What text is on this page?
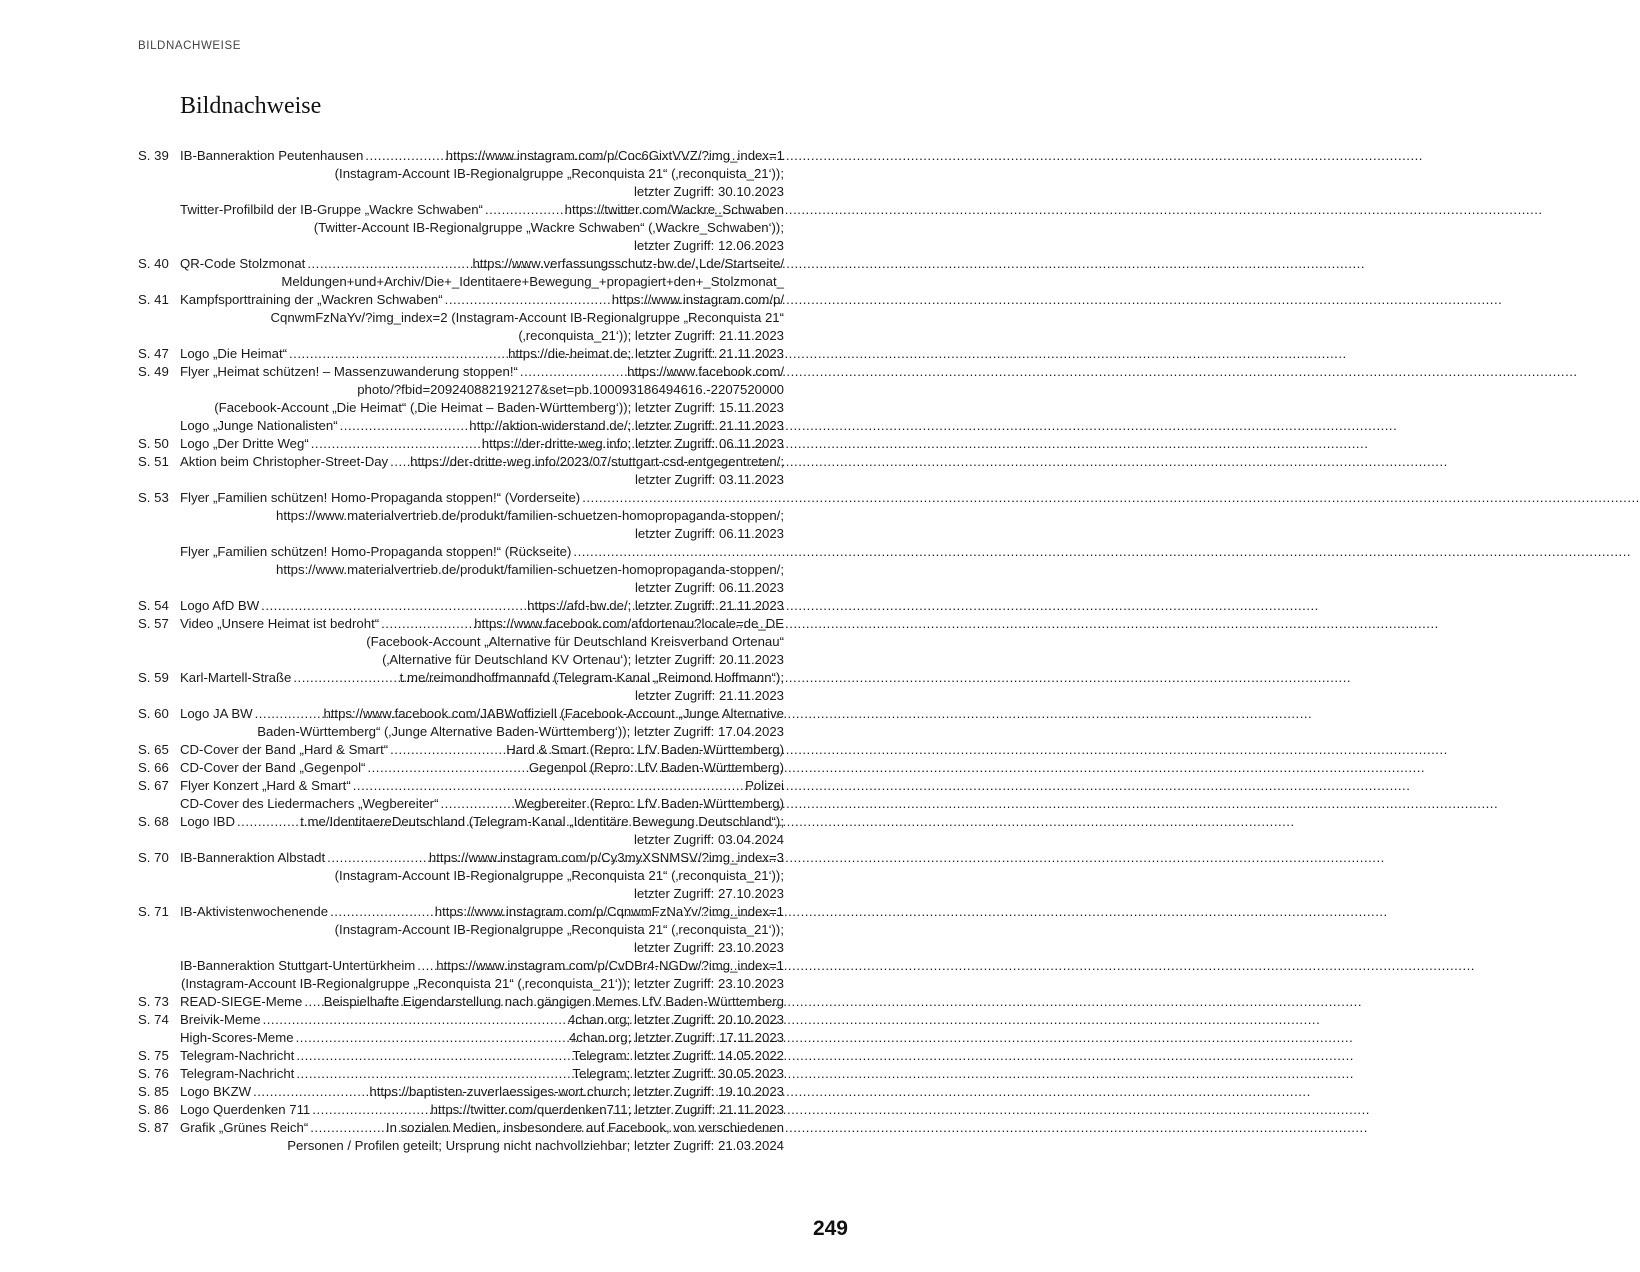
BILDNACHWEISE
Bildnachweise
S. 39 IB-Banneraktion Peutenhausen .....	https://www.instagram.com/p/Coc6GixtVVZ/?img_index=1
(Instagram-Account IB-Regionalgruppe „Reconquista 21“ (‚reconquista_21‘));
letzter Zugriff: 30.10.2023
Twitter-Profilbild der IB-Gruppe „Wackre Schwaben“ .....	https://twitter.com/Wackre_Schwaben
(Twitter-Account IB-Regionalgruppe „Wackre Schwaben“ (‚Wackre_Schwaben‘));
letzter Zugriff: 12.06.2023
S. 40 QR-Code Stolzmonat .....	https://www.verfassungsschutz-bw.de/,Lde/Startseite/
Meldungen+und+Archiv/Die+_Identitaere+Bewegung_+propagiert+den+_Stolzmonat_
S. 41 Kampfsporttraining der „Wackren Schwaben“ .....	https://www.instagram.com/p/
CqnwmFzNaYv/?img_index=2 (Instagram-Account IB-Regionalgruppe „Reconquista 21“
(‚reconquista_21‘)); letzter Zugriff: 21.11.2023
S. 47 Logo „Die Heimat“ .....	https://die-heimat.de; letzter Zugriff: 21.11.2023
S. 49 Flyer „Heimat schützen! – Massenzuwanderung stoppen!“ .....	https://www.facebook.com/
photo/?fbid=209240882192127&set=pb.100093186494616.-2207520000
(Facebook-Account „Die Heimat“ (‚Die Heimat – Baden-Württemberg‘)); letzter Zugriff: 15.11.2023
Logo „Junge Nationalisten“ .....	http://aktion-widerstand.de/; letzter Zugriff: 21.11.2023
S. 50 Logo „Der Dritte Weg“ .....	https://der-dritte-weg.info; letzter Zugriff: 06.11.2023
S. 51 Aktion beim Christopher-Street-Day ..... https://der-dritte-weg.info/2023/07/stuttgart-csd-entgegentreten/;
letzter Zugriff: 03.11.2023
S. 53 Flyer „Familien schützen! Homo-Propaganda stoppen!“ (Vorderseite)
.....
https://www.materialvertrieb.de/produkt/familien-schuetzen-homopropaganda-stoppen/;
letzter Zugriff: 06.11.2023
Flyer „Familien schützen! Homo-Propaganda stoppen!“ (Rückseite)
.....
https://www.materialvertrieb.de/produkt/familien-schuetzen-homopropaganda-stoppen/;
letzter Zugriff: 06.11.2023
S. 54 Logo AfD BW .....	https://afd-bw.de/; letzter Zugriff: 21.11.2023
S. 57 Video „Unsere Heimat ist bedroht“ .....	https://www.facebook.com/afdortenau?locale=de_DE
(Facebook-Account „Alternative für Deutschland Kreisverband Ortenau“
(‚Alternative für Deutschland KV Ortenau‘); letzter Zugriff: 20.11.2023
S. 59 Karl-Martell-Straße .....	t.me/reimondhoffmannafd (Telegram-Kanal „Reimond Hoffmann“);
letzter Zugriff: 21.11.2023
S. 60 Logo JA BW .....	https://www.facebook.com/JABWoffiziell (Facebook-Account „Junge Alternative
Baden-Württemberg“ (‚Junge Alternative Baden-Württemberg‘)); letzter Zugriff: 17.04.2023
S. 65 CD-Cover der Band „Hard & Smart“ .....	Hard & Smart (Repro: LfV Baden-Württemberg)
S. 66 CD-Cover der Band „Gegenpol“ .....	Gegenpol (Repro: LfV Baden-Württemberg)
S. 67 Flyer Konzert „Hard & Smart“ .....	Polizei
CD-Cover des Liedermachers „Wegbereiter“ .....	Wegbereiter (Repro: LfV Baden-Württemberg)
S. 68 Logo IBD .....	t.me/IdentitaereDeutschland (Telegram-Kanal „Identitäre Bewegung Deutschland“);
letzter Zugriff: 03.04.2024
S. 70 IB-Banneraktion Albstadt .....	https://www.instagram.com/p/Cy3myXSNMSV/?img_index=3
(Instagram-Account IB-Regionalgruppe „Reconquista 21“ (‚reconquista_21‘));
letzter Zugriff: 27.10.2023
S. 71 IB-Aktivistenwochenende .....	https://www.instagram.com/p/CqnwmFzNaYv/?img_index=1
(Instagram-Account IB-Regionalgruppe „Reconquista 21“ (‚reconquista_21‘));
letzter Zugriff: 23.10.2023
IB-Banneraktion Stuttgart-Untertürkheim ..... https://www.instagram.com/p/CvDBr4-NGDw/?img_index=1
(Instagram-Account IB-Regionalgruppe „Reconquista 21“ (‚reconquista_21‘)); letzter Zugriff: 23.10.2023
S. 73 READ-SIEGE-Meme ..... Beispielhafte Eigendarstellung nach gängigen Memes LfV Baden-Württemberg
S. 74 Breivik-Meme .....	4chan.org; letzter Zugriff: 20.10.2023
High-Scores-Meme .....	4chan.org; letzter Zugriff: 17.11.2023
S. 75 Telegram-Nachricht .....	Telegram: letzter Zugriff: 14.05.2022
S. 76 Telegram-Nachricht .....	Telegram; letzter Zugriff: 30.05.2023
S. 85 Logo BKZW .....	https://baptisten-zuverlaessiges-wort.church; letzter Zugriff: 19.10.2023
S. 86 Logo Querdenken 711 .....	https://twitter.com/querdenken711; letzter Zugriff: 21.11.2023
S. 87 Grafik „Grünes Reich“ .....	In sozialen Medien, insbesondere auf Facebook, von verschiedenen
Personen / Profilen geteilt; Ursprung nicht nachvollziehbar; letzter Zugriff: 21.03.2024
249
